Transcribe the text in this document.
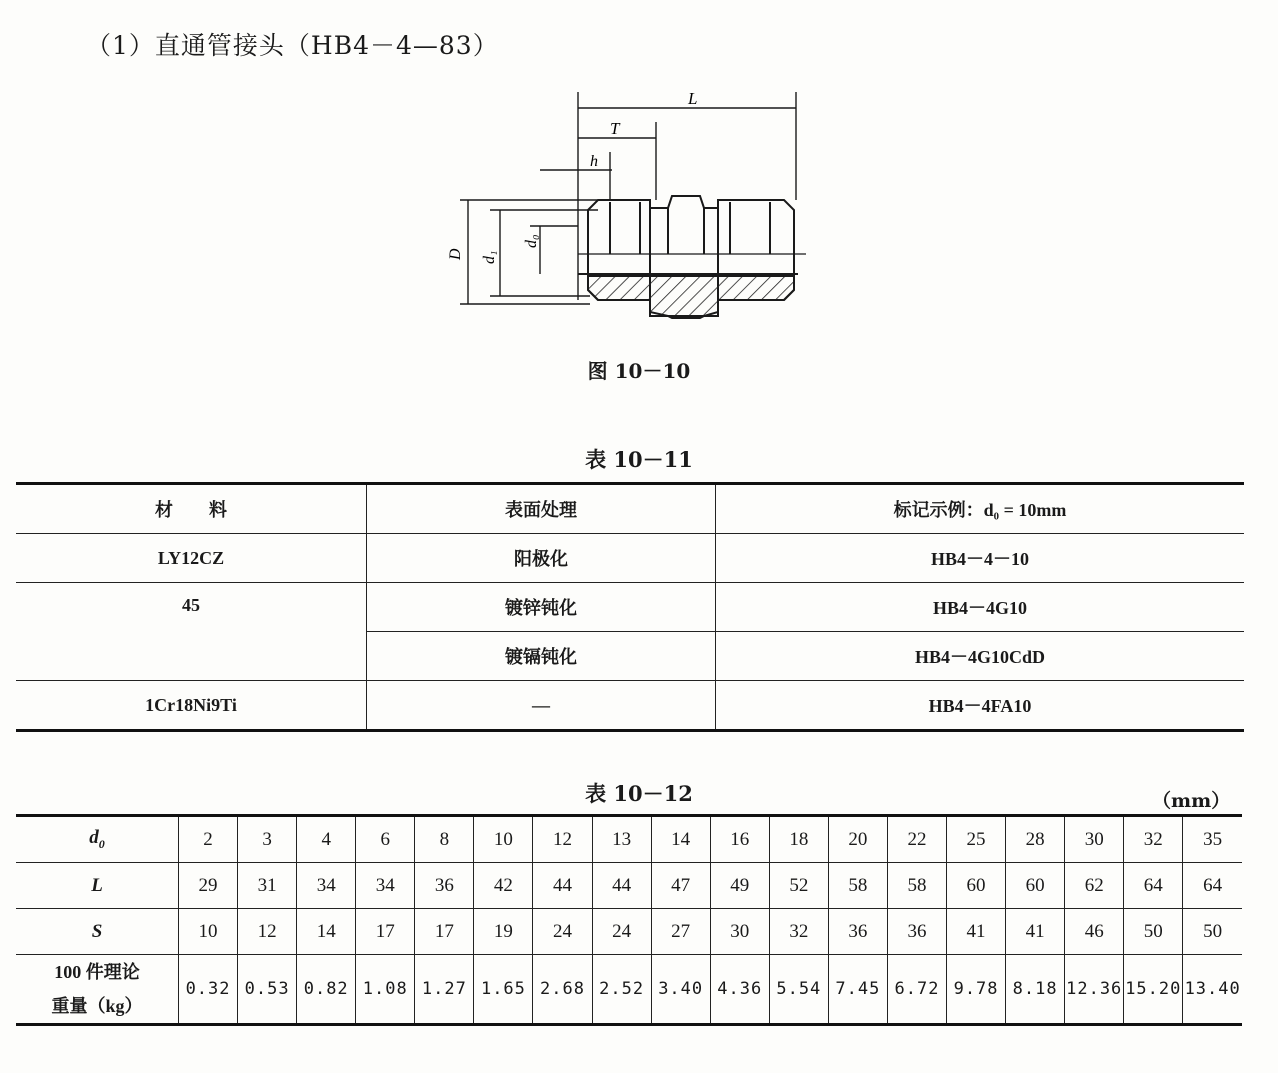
（1）直通管接头（HB4－4—83）
L
T
h
D d₁
d₀
图 10－10
表 10－11
材　　料	表面处理	标记示例：d₀ = 10mm
LY12CZ	阳极化	HB4－4－10
45	镀锌钝化	HB4－4G10
	镀镉钝化	HB4－4G10CdD
1Cr18Ni9Ti	—	HB4－4FA10
表 10－12	（mm）
$d_0$	2	3	4	6	8	10	12	13	14	16	18	20	22	25	28	30	32	35
L	29	31	34	34	36	42	44	44	47	49	52	58	58	60	60	62	64	64
S	10	12	14	17	17	19	24	24	27	30	32	36	36	41	41	46	50	50
100 件理论
重量（kg）	0.32	0.53	0.82	1.08	1.27	1.65	2.68	2.52	3.40	4.36	5.54	7.45	6.72	9.78	8.18	12.36	15.20	13.40
